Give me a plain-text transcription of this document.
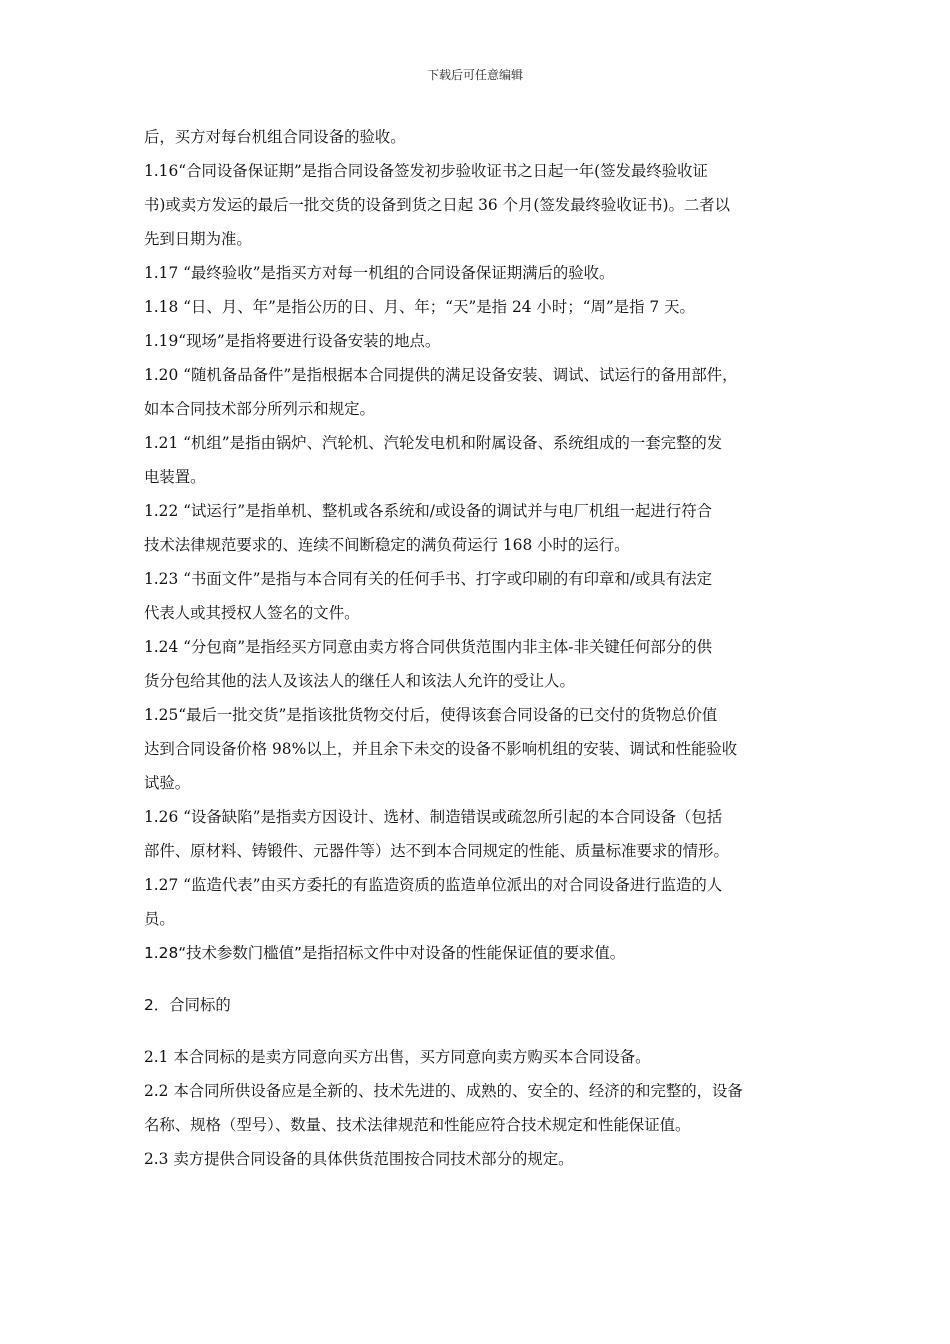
下载后可任意编辑
后，买方对每台机组合同设备的验收。
1.16“合同设备保证期”是指合同设备签发初步验收证书之日起一年(签发最终验收证
书)或卖方发运的最后一批交货的设备到货之日起 36 个月(签发最终验收证书)。二者以
先到日期为准。
1.17 “最终验收”是指买方对每一机组的合同设备保证期满后的验收。
1.18 “日、月、年”是指公历的日、月、年；“天”是指 24 小时；“周”是指 7 天。
1.19“现场”是指将要进行设备安装的地点。
1.20 “随机备品备件”是指根据本合同提供的满足设备安装、调试、试运行的备用部件，
如本合同技术部分所列示和规定。
1.21 “机组”是指由锅炉、汽轮机、汽轮发电机和附属设备、系统组成的一套完整的发
电装置。
1.22 “试运行”是指单机、整机或各系统和/或设备的调试并与电厂机组一起进行符合
技术法律规范要求的、连续不间断稳定的满负荷运行 168 小时的运行。
1.23 “书面文件”是指与本合同有关的任何手书、打字或印刷的有印章和/或具有法定
代表人或其授权人签名的文件。
1.24 “分包商”是指经买方同意由卖方将合同供货范围内非主体-非关键任何部分的供
货分包给其他的法人及该法人的继任人和该法人允许的受让人。
1.25“最后一批交货”是指该批货物交付后，使得该套合同设备的已交付的货物总价值
达到合同设备价格 98%以上，并且余下未交的设备不影响机组的安装、调试和性能验收
试验。
1.26 “设备缺陷”是指卖方因设计、选材、制造错误或疏忽所引起的本合同设备（包括
部件、原材料、铸锻件、元器件等）达不到本合同规定的性能、质量标准要求的情形。
1.27 “监造代表”由买方委托的有监造资质的监造单位派出的对合同设备进行监造的人
员。
1.28“技术参数门槛值”是指招标文件中对设备的性能保证值的要求值。
2．合同标的
2.1 本合同标的是卖方同意向买方出售，买方同意向卖方购买本合同设备。
2.2 本合同所供设备应是全新的、技术先进的、成熟的、安全的、经济的和完整的，设备
名称、规格（型号）、数量、技术法律规范和性能应符合技术规定和性能保证值。
2.3 卖方提供合同设备的具体供货范围按合同技术部分的规定。
